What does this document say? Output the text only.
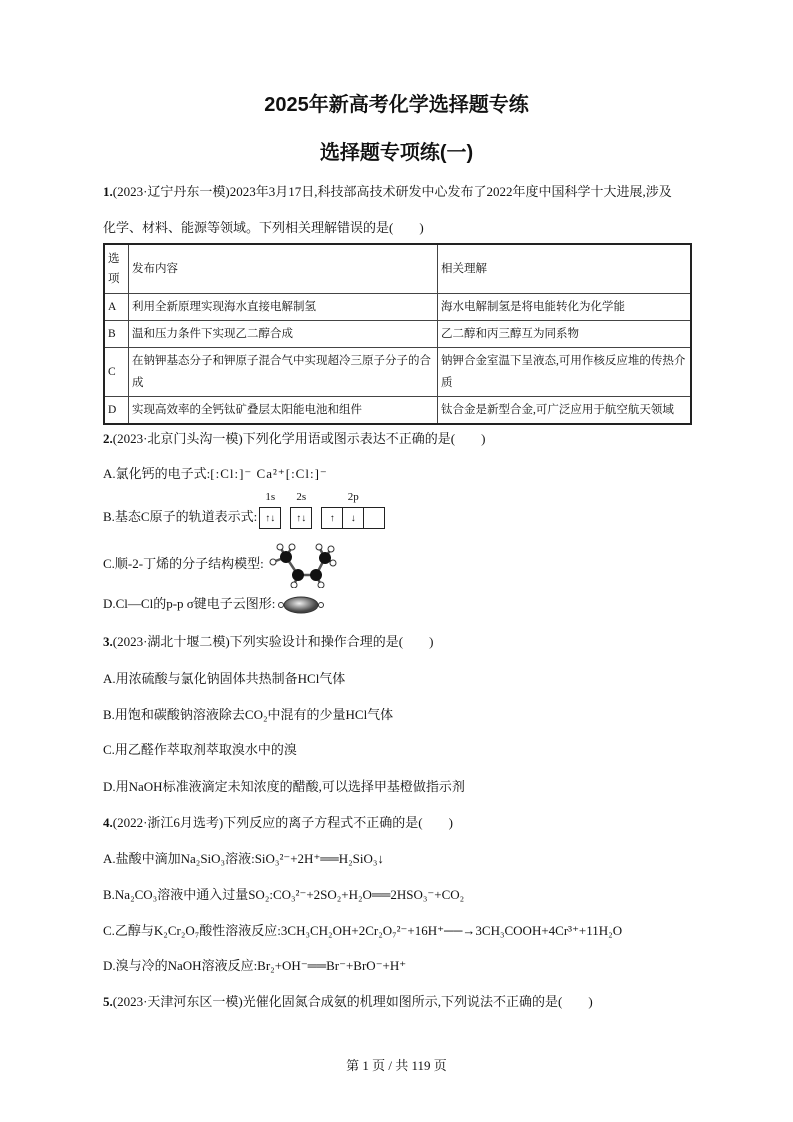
2025年新高考化学选择题专练
选择题专项练(一)
1.(2023·辽宁丹东一模)2023年3月17日,科技部高技术研发中心发布了2022年度中国科学十大进展,涉及
化学、材料、能源等领域。下列相关理解错误的是(　　)
选项	发布内容	相关理解
A	利用全新原理实现海水直接电解制氢	海水电解制氢是将电能转化为化学能
B	温和压力条件下实现乙二醇合成	乙二醇和丙三醇互为同系物
C	在钠钾基态分子和钾原子混合气中实现超冷三原子分子的合成	钠钾合金室温下呈液态,可用作核反应堆的传热介质
D	实现高效率的全钙钛矿叠层太阳能电池和组件	钛合金是新型合金,可广泛应用于航空航天领域
2.(2023·北京门头沟一模)下列化学用语或图示表达不正确的是(　　)
A.氯化钙的电子式:[:Cl:]⁻ Ca²⁺[:Cl:]⁻
B.基态C原子的轨道表示式:
1s
↑↓
2s
↑↓
2p
↑	↓
C.顺-2-丁烯的分子结构模型:
D.Cl—Cl的p-p σ键电子云图形:
3.(2023·湖北十堰二模)下列实验设计和操作合理的是(　　)
A.用浓硫酸与氯化钠固体共热制备HCl气体
B.用饱和碳酸钠溶液除去CO₂中混有的少量HCl气体
C.用乙醛作萃取剂萃取溴水中的溴
D.用NaOH标准液滴定未知浓度的醋酸,可以选择甲基橙做指示剂
4.(2022·浙江6月选考)下列反应的离子方程式不正确的是(　　)
A.盐酸中滴加Na₂SiO₃溶液:SiO₃²⁻+2H⁺══H₂SiO₃↓
B.Na₂CO₃溶液中通入过量SO₂:CO₃²⁻+2SO₂+H₂O══2HSO₃⁻+CO₂
C.乙醇与K₂Cr₂O₇酸性溶液反应:3CH₃CH₂OH+2Cr₂O₇²⁻+16H⁺──→3CH₃COOH+4Cr³⁺+11H₂O
D.溴与冷的NaOH溶液反应:Br₂+OH⁻══Br⁻+BrO⁻+H⁺
5.(2023·天津河东区一模)光催化固氮合成氨的机理如图所示,下列说法不正确的是(　　)
第 1 页 / 共 119 页
